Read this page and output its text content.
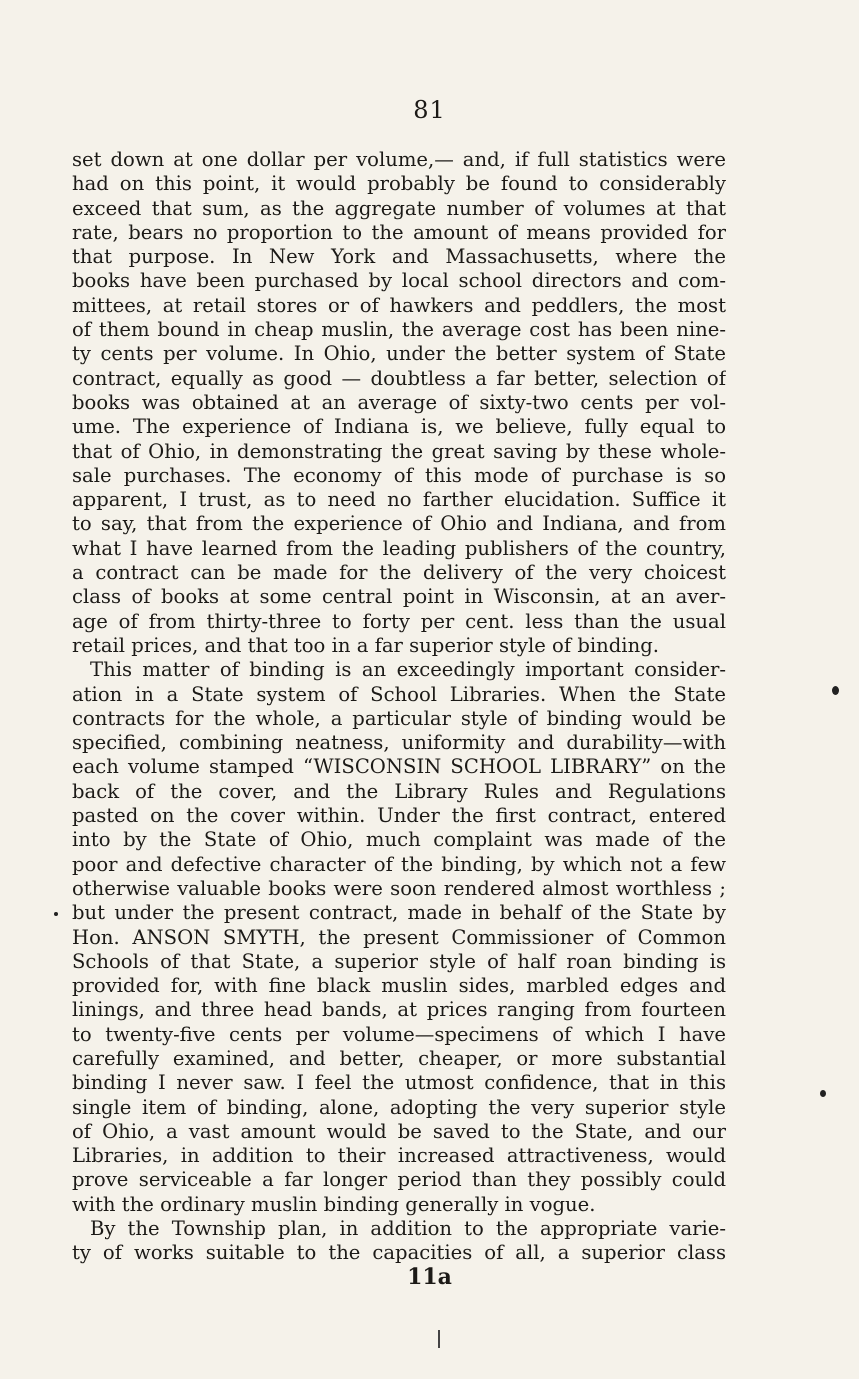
81
set down at one dollar per volume,— and, if full statistics were
had on this point, it would probably be found to considerably
exceed that sum, as the aggregate number of volumes at that
rate, bears no proportion to the amount of means provided for
that purpose. In New York and Massachusetts, where the
books have been purchased by local school directors and com-
mittees, at retail stores or of hawkers and peddlers, the most
of them bound in cheap muslin, the average cost has been nine-
ty cents per volume. In Ohio, under the better system of State
contract, equally as good — doubtless a far better, selection of
books was obtained at an average of sixty-two cents per vol-
ume. The experience of Indiana is, we believe, fully equal to
that of Ohio, in demonstrating the great saving by these whole-
sale purchases. The economy of this mode of purchase is so
apparent, I trust, as to need no farther elucidation. Suffice it
to say, that from the experience of Ohio and Indiana, and from
what I have learned from the leading publishers of the country,
a contract can be made for the delivery of the very choicest
class of books at some central point in Wisconsin, at an aver-
age of from thirty-three to forty per cent. less than the usual
retail prices, and that too in a far superior style of binding.
This matter of binding is an exceedingly important consider-
ation in a State system of School Libraries. When the State
contracts for the whole, a particular style of binding would be
specified, combining neatness, uniformity and durability—with
each volume stamped “WISCONSIN SCHOOL LIBRARY” on the
back of the cover, and the Library Rules and Regulations
pasted on the cover within. Under the first contract, entered
into by the State of Ohio, much complaint was made of the
poor and defective character of the binding, by which not a few
otherwise valuable books were soon rendered almost worthless ;
but under the present contract, made in behalf of the State by
Hon. ANSON SMYTH, the present Commissioner of Common
Schools of that State, a superior style of half roan binding is
provided for, with fine black muslin sides, marbled edges and
linings, and three head bands, at prices ranging from fourteen
to twenty-five cents per volume—specimens of which I have
carefully examined, and better, cheaper, or more substantial
binding I never saw. I feel the utmost confidence, that in this
single item of binding, alone, adopting the very superior style
of Ohio, a vast amount would be saved to the State, and our
Libraries, in addition to their increased attractiveness, would
prove serviceable a far longer period than they possibly could
with the ordinary muslin binding generally in vogue.
By the Township plan, in addition to the appropriate varie-
ty of works suitable to the capacities of all, a superior class
11a
